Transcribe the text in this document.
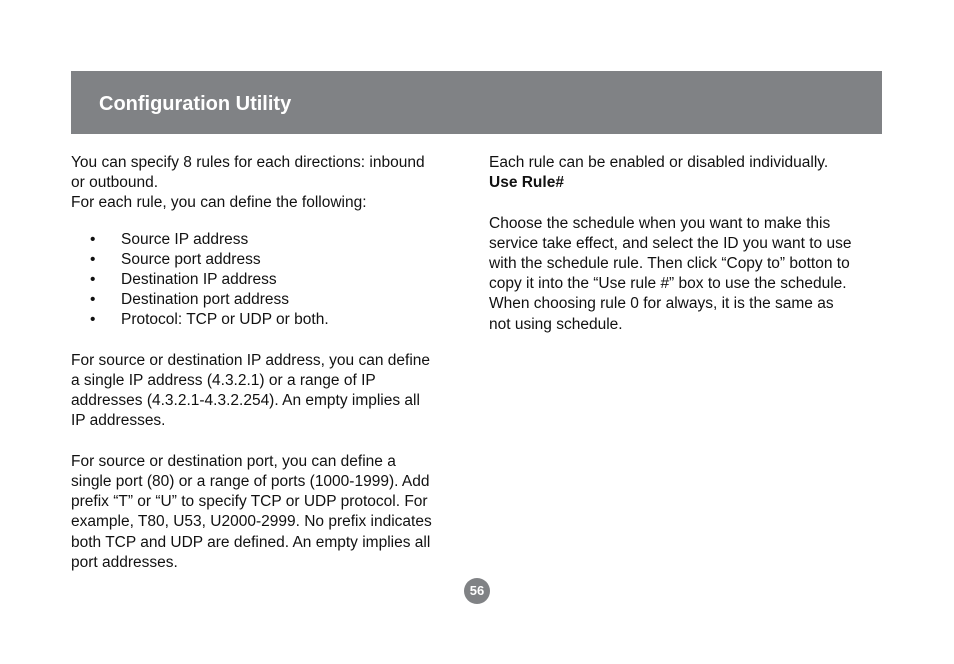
Configuration Utility
You can specify 8 rules for each directions: inbound
or outbound.
For each rule, you can define the following:
• Source IP address
• Source port address
• Destination IP address
• Destination port address
• Protocol: TCP or UDP or both.
For source or destination IP address, you can define
a single IP address (4.3.2.1) or a range of IP
addresses (4.3.2.1-4.3.2.254). An empty implies all
IP addresses.
For source or destination port, you can define a
single port (80) or a range of ports (1000-1999). Add
prefix “T” or “U” to specify TCP or UDP protocol. For
example, T80, U53, U2000-2999. No prefix indicates
both TCP and UDP are defined. An empty implies all
port addresses.
Each rule can be enabled or disabled individually.
Use Rule#
Choose the schedule when you want to make this
service take effect, and select the ID you want to use
with the schedule rule. Then click “Copy to” botton to
copy it into the “Use rule #” box to use the schedule.
When choosing rule 0 for always, it is the same as
not using schedule.
56
